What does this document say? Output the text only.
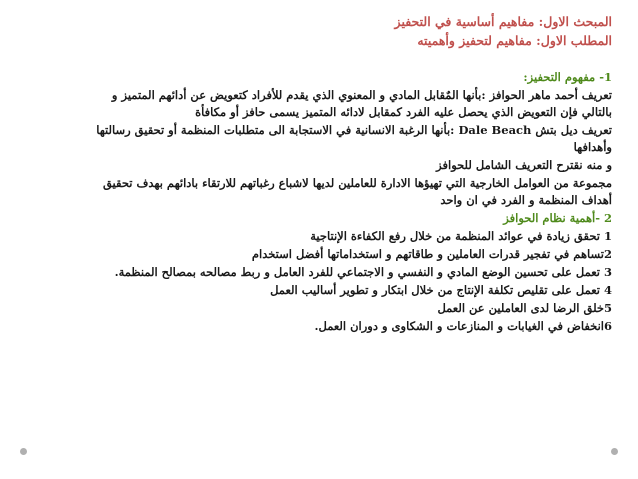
المبحث الاول: مفاهيم أساسية في التحفيز
المطلب الاول: مفاهيم لتحفيز وأهميته
1- مفهوم التحفيز:
تعريف أحمد ماهر الحوافز :بأنها المٌقابل المادي و المعنوي الذي يقدم للأفراد كتعويض عن أدائهم المتميز و
بالتالي فإن التعويض الذي يحصل عليه الفرد كمقابل لادائه المتميز يسمى حافز أو مكافأة
تعريف ديل بتش Dale Beach :بأنها الرغبة الانسانية في الاستجابة الى متطلبات المنظمة أو تحقيق رسالتها
وأهدافها
و منه نقترح التعريف الشامل للحوافز
مجموعة من العوامل الخارجية التي تهيؤها الادارة للعاملين لديها لاشباع رغباتهم للارتقاء بادائهم بهدف تحقيق
أهداف المنظمة و الفرد في ان واحد
2 -أهمية نظام الحوافز
1 تحقق زيادة في عوائد المنظمة من خلال رفع الكفاءة الإنتاجية
2تساهم في تفجير قدرات العاملين و طاقاتهم و استخداماتها أفضل استخدام
3 تعمل على تحسين الوضع المادي و النفسي و الاجتماعي للفرد العامل و ربط مصالحه بمصالح المنظمة.
4 تعمل على تقليص تكلفة الإنتاج من خلال ابتكار و تطوير أساليب العمل
5خلق الرضا لدى العاملين عن العمل
6انخفاض في الغيابات و المنازعات و الشكاوى و دوران العمل.
